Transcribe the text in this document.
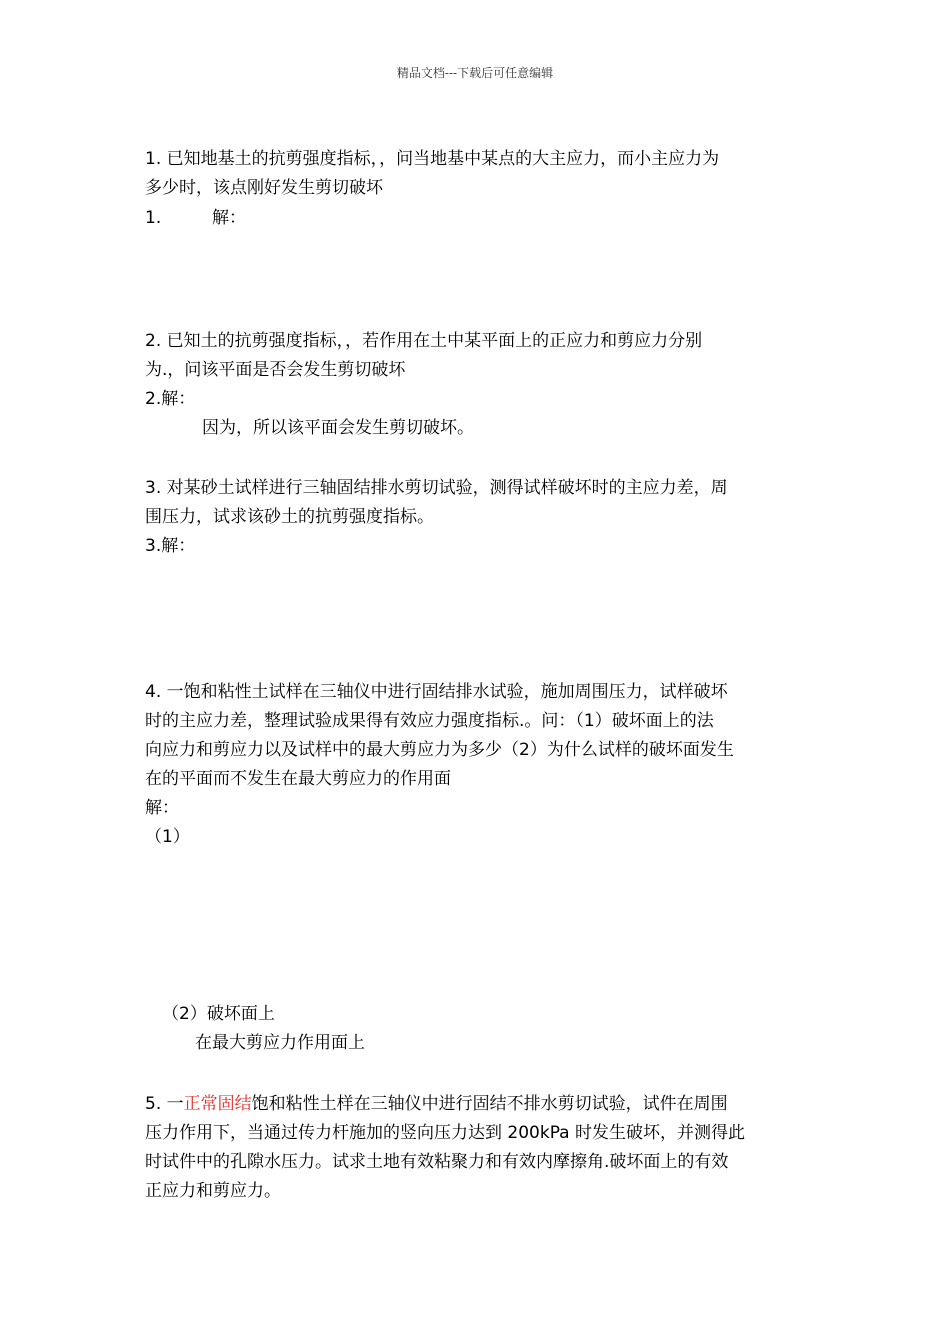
精品文档---下载后可任意编辑
1. 已知地基土的抗剪强度指标，，问当地基中某点的大主应力，而小主应力为
多少时，该点刚好发生剪切破坏
1.	解：
2. 已知土的抗剪强度指标，，若作用在土中某平面上的正应力和剪应力分别
为.，问该平面是否会发生剪切破坏
2.解：
因为，所以该平面会发生剪切破坏。
3. 对某砂土试样进行三轴固结排水剪切试验，测得试样破坏时的主应力差，周
围压力，试求该砂土的抗剪强度指标。
3.解：
4. 一饱和粘性土试样在三轴仪中进行固结排水试验，施加周围压力，试样破坏
时的主应力差，整理试验成果得有效应力强度指标.。问：（1）破坏面上的法
向应力和剪应力以及试样中的最大剪应力为多少（2）为什么试样的破坏面发生
在的平面而不发生在最大剪应力的作用面
解：
（1）
（2）破坏面上
在最大剪应力作用面上
5. 一正常固结饱和粘性土样在三轴仪中进行固结不排水剪切试验，试件在周围
压力作用下，当通过传力杆施加的竖向压力达到 200kPa 时发生破坏，并测得此
时试件中的孔隙水压力。试求土地有效粘聚力和有效内摩擦角.破坏面上的有效
正应力和剪应力。
